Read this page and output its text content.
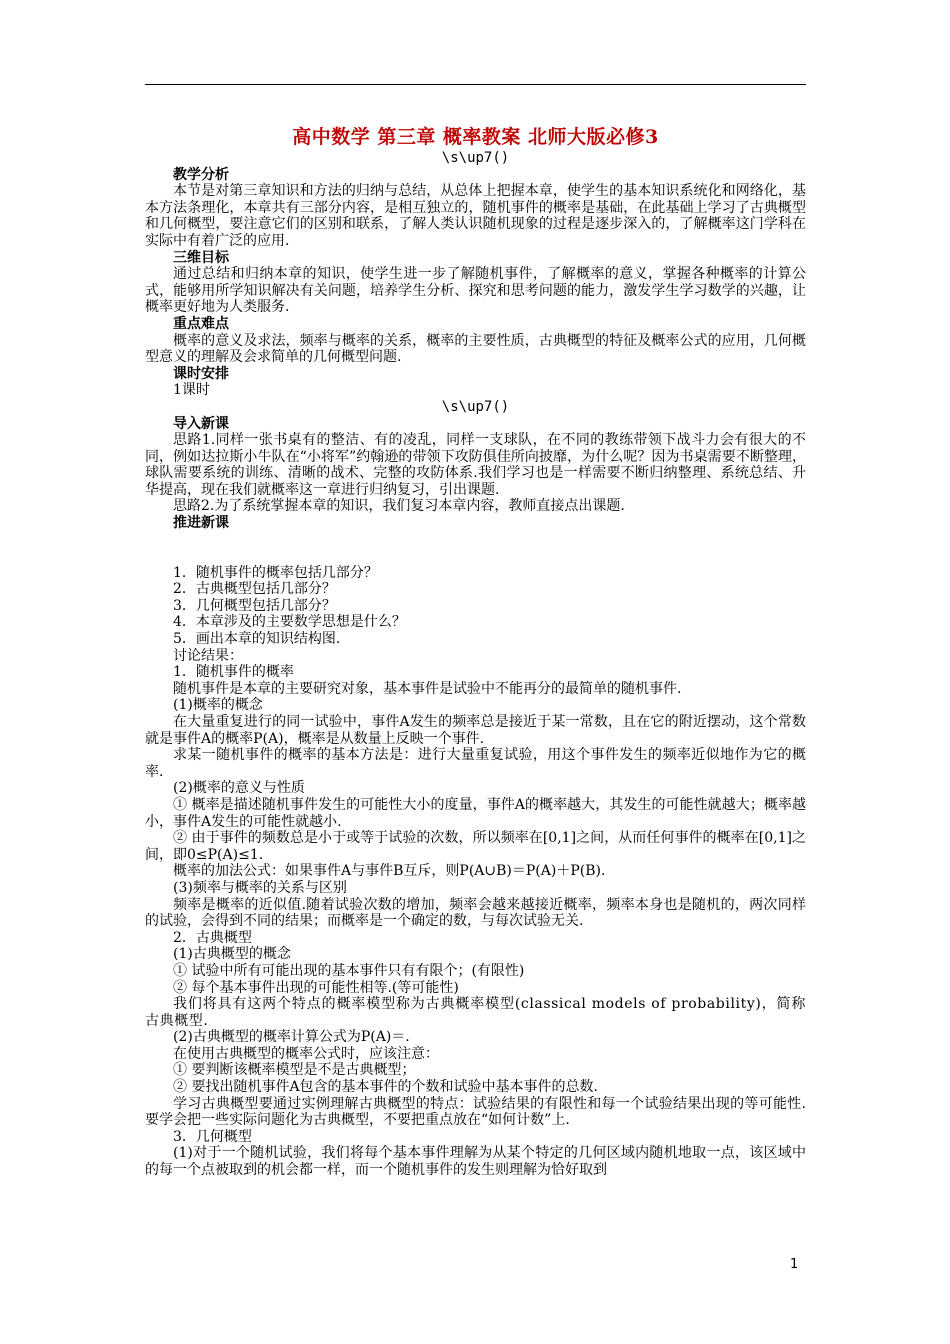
高中数学 第三章 概率教案 北师大版必修3
\s\up7()
教学分析

本节是对第三章知识和方法的归纳与总结，从总体上把握本章，使学生的基本知识系统化和网络化，基本方法条理化，本章共有三部分内容，是相互独立的，随机事件的概率是基础，在此基础上学习了古典概型和几何概型，要注意它们的区别和联系，了解人类认识随机现象的过程是逐步深入的，了解概率这门学科在实际中有着广泛的应用.

三维目标

通过总结和归纳本章的知识，使学生进一步了解随机事件，了解概率的意义，掌握各种概率的计算公式，能够用所学知识解决有关问题，培养学生分析、探究和思考问题的能力，激发学生学习数学的兴趣，让概率更好地为人类服务.

重点难点

概率的意义及求法，频率与概率的关系，概率的主要性质，古典概型的特征及概率公式的应用，几何概型意义的理解及会求简单的几何概型问题.

课时安排
1课时
\s\up7()
导入新课

思路1.同样一张书桌有的整洁、有的凌乱，同样一支球队，在不同的教练带领下战斗力会有很大的不同，例如达拉斯小牛队在“小将军”约翰逊的带领下攻防俱佳所向披靡，为什么呢？因为书桌需要不断整理，球队需要系统的训练、清晰的战术、完整的攻防体系.我们学习也是一样需要不断归纳整理、系统总结、升华提高，现在我们就概率这一章进行归纳复习，引出课题.

思路2.为了系统掌握本章的知识，我们复习本章内容，教师直接点出课题.

推进新课
1．随机事件的概率包括几部分？
2．古典概型包括几部分？
3．几何概型包括几部分？
4．本章涉及的主要数学思想是什么？
5．画出本章的知识结构图.
讨论结果：
1．随机事件的概率

随机事件是本章的主要研究对象，基本事件是试验中不能再分的最简单的随机事件.

(1)概率的概念

在大量重复进行的同一试验中，事件A发生的频率总是接近于某一常数，且在它的附近摆动，这个常数就是事件A的概率P(A)，概率是从数量上反映一个事件.

求某一随机事件的概率的基本方法是：进行大量重复试验，用这个事件发生的频率近似地作为它的概率.

(2)概率的意义与性质

① 概率是描述随机事件发生的可能性大小的度量，事件A的概率越大，其发生的可能性就越大；概率越小，事件A发生的可能性就越小.

② 由于事件的频数总是小于或等于试验的次数，所以频率在[0,1]之间，从而任何事件的概率在[0,1]之间，即0≤P(A)≤1.

概率的加法公式：如果事件A与事件B互斥，则P(A∪B)＝P(A)＋P(B).

(3)频率与概率的关系与区别

频率是概率的近似值.随着试验次数的增加，频率会越来越接近概率，频率本身也是随机的，两次同样的试验，会得到不同的结果；而概率是一个确定的数，与每次试验无关.

2．古典概型
(1)古典概型的概念
① 试验中所有可能出现的基本事件只有有限个；(有限性)
② 每个基本事件出现的可能性相等.(等可能性)

我们将具有这两个特点的概率模型称为古典概率模型(classical models of probability)，简称古典概型.

(2)古典概型的概率计算公式为P(A)＝.
在使用古典概型的概率公式时，应该注意：
① 要判断该概率模型是不是古典概型；
② 要找出随机事件A包含的基本事件的个数和试验中基本事件的总数.

学习古典概型要通过实例理解古典概型的特点：试验结果的有限性和每一个试验结果出现的等可能性.要学会把一些实际问题化为古典概型，不要把重点放在“如何计数”上.

3．几何概型

(1)对于一个随机试验，我们将每个基本事件理解为从某个特定的几何区域内随机地取一点，该区域中的每一个点被取到的机会都一样，而一个随机事件的发生则理解为恰好取到

1
